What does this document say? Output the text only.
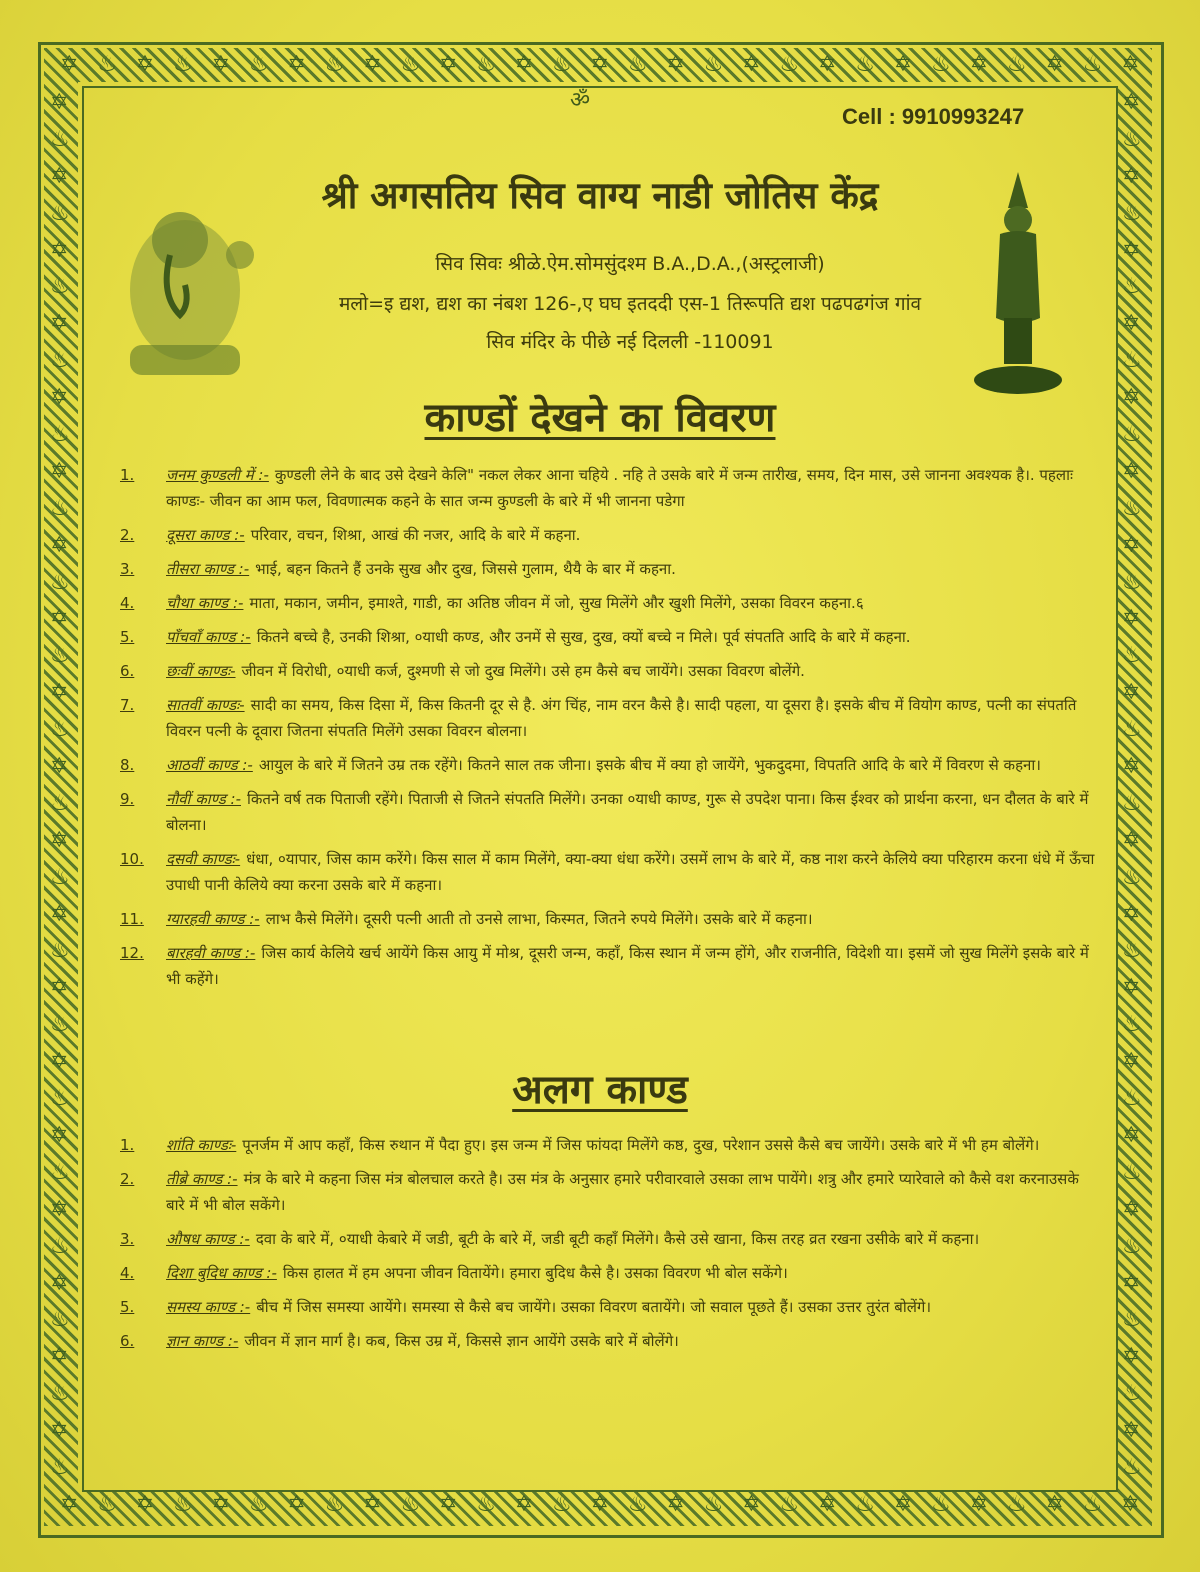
✡ ♨ ✡ ♨ ✡ ♨ ✡ ♨ ✡ ♨ ✡ ♨ ✡ ♨ ✡ ♨ ✡ ♨ ✡ ♨ ✡ ♨ ✡ ♨ ✡ ♨ ✡ ♨ ✡
✡ ♨ ✡ ♨ ✡ ♨ ✡ ♨ ✡ ♨ ✡ ♨ ✡ ♨ ✡ ♨ ✡ ♨ ✡ ♨ ✡ ♨ ✡ ♨ ✡ ♨ ✡ ♨ ✡
✡
♨
✡
♨
✡
♨
✡
♨
✡
♨
✡
♨
✡
♨
✡
♨
✡
♨
✡
♨
✡
♨
✡
♨
✡
♨
✡
♨
✡
♨
✡
♨
✡
♨
✡
♨
✡
♨
✡
♨
✡
♨
✡
♨
✡
♨
✡
♨
✡
♨
✡
♨
✡
♨
✡
♨
✡
♨
✡
♨
✡
♨
✡
♨
✡
♨
✡
♨
✡
♨
✡
♨
✡
♨
✡
♨
ॐ
Cell : 9910993247
श्री अगसतिय सिव वाग्य नाडी जोतिस केंद्र
सिव सिवः श्रीळे.ऐम.सोमसुंदश्म B.A.,D.A.,(अस्ट्रलाजी)
मलो=इ द्यश, द्यश का नंबश 126-,ए घघ इतददी एस-1 तिरूपति द्यश पढपढगंज गांव
सिव मंदिर के पीछे नई दिलली -110091
काण्डों देखने का विवरण
1. जनम कुण्डली में :- कुण्डली लेने के बाद उसे देखने केलि" नकल लेकर आना चहिये . नहि ते उसके बारे में जन्म तारीख, समय, दिन मास, उसे जानना अवश्यक है।. पहलाः काण्डः- जीवन का आम फल, विवणात्मक कहने के सात जन्म कुण्डली के बारे में भी जानना पडेगा
2. दूसरा काण्ड :- परिवार, वचन, शिश्रा, आखं की नजर, आदि के बारे में कहना.
3. तीसरा काण्ड :- भाई, बहन कितने हैं उनके सुख और दुख, जिससे गुलाम, थैयै के बार में कहना.
4. चौथा काण्ड :- माता, मकान, जमीन, इमाश्ते, गाडी, का अतिष्ठ जीवन में जो, सुख मिलेंगे और खुशी मिलेंगे, उसका विवरन कहना.६
5. पाँचवाँ काण्ड :- कितने बच्चे है, उनकी शिश्रा, ०याधी कण्ड, और उनमें से सुख, दुख, क्यों बच्चे न मिले। पूर्व संपतति आदि के बारे में कहना.
6. छःवीं काण्डः- जीवन में विरोधी, ०याधी कर्ज, दुश्मणी से जो दुख मिलेंगे। उसे हम कैसे बच जायेंगे। उसका विवरण बोलेंगे.
7. सातवीं काण्डः- सादी का समय, किस दिसा में, किस कितनी दूर से है. अंग चिंह, नाम वरन कैसे है। सादी पहला, या दूसरा है। इसके बीच में वियोग काण्ड, पत्नी का संपतति विवरन पत्नी के दूवारा जितना संपतति मिलेंगे उसका विवरन बोलना।
8. आठवीं काण्ड :- आयुल के बारे में जितने उम्र तक रहेंगे। कितने साल तक जीना। इसके बीच में क्या हो जायेंगे, भुकदुदमा, विपतति आदि के बारे में विवरण से कहना।
9. नौवीं काण्ड :- कितने वर्ष तक पिताजी रहेंगे। पिताजी से जितने संपतति मिलेंगे। उनका ०याधी काण्ड, गुरू से उपदेश पाना। किस ईश्वर को प्रार्थना करना, धन दौलत के बारे में बोलना।
10. दसवी काण्डः- धंधा, ०यापार, जिस काम करेंगे। किस साल में काम मिलेंगे, क्या-क्या धंधा करेंगे। उसमें लाभ के बारे में, कष्ठ नाश करने केलिये क्या परिहारम करना धंधे में ऊँचा उपाधी पानी केलिये क्या करना उसके बारे में कहना।
11. ग्यारहवी काण्ड :- लाभ कैसे मिलेंगे। दूसरी पत्नी आती तो उनसे लाभा, किस्मत, जितने रुपये मिलेंगे। उसके बारे में कहना।
12. बारहवी काण्ड :- जिस कार्य केलिये खर्च आयेंगे किस आयु में मोश्र, दूसरी जन्म, कहाँ, किस स्थान में जन्म होंगे, और राजनीति, विदेशी या। इसमें जो सुख मिलेंगे इसके बारे में भी कहेंगे।
अलग काण्ड
1. शांति काण्डः- पूनर्जम में आप कहाँ, किस रुथान में पैदा हुए। इस जन्म में जिस फांयदा मिलेंगे कष्ठ, दुख, परेशान उससे कैसे बच जायेंगे। उसके बारे में भी हम बोलेंगे।
2. तीब्रे काण्ड :- मंत्र के बारे मे कहना जिस मंत्र बोलचाल करते है। उस मंत्र के अनुसार हमारे परीवारवाले उसका लाभ पायेंगे। शत्रु और हमारे प्यारेवाले को कैसे वश करनाउसके बारे में भी बोल सकेंगे।
3. औषध काण्ड :- दवा के बारे में, ०याधी केबारे में जडी, बूटी के बारे में, जडी बूटी कहाँ मिलेंगे। कैसे उसे खाना, किस तरह व्रत रखना उसीके बारे में कहना।
4. दिशा बुदिध काण्ड :- किस हालत में हम अपना जीवन वितायेंगे। हमारा बुदिध कैसे है। उसका विवरण भी बोल सकेंगे।
5. समस्य काण्ड :- बीच में जिस समस्या आयेंगे। समस्या से कैसे बच जायेंगे। उसका विवरण बतायेंगे। जो सवाल पूछते हैं। उसका उत्तर तुरंत बोलेंगे।
6. ज्ञान काण्ड :- जीवन में ज्ञान मार्ग है। कब, किस उम्र में, किससे ज्ञान आयेंगे उसके बारे में बोलेंगे।
